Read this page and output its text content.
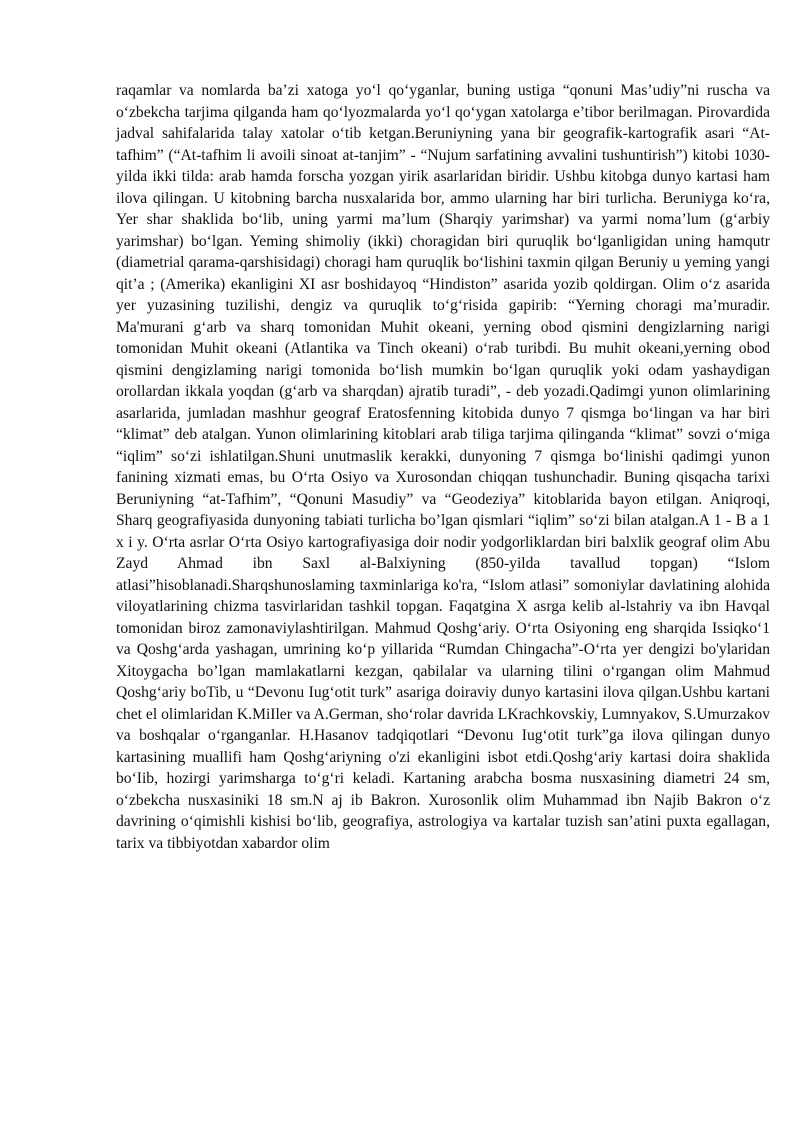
raqamlar va nomlarda ba’zi xatoga yo‘l qo‘yganlar, buning ustiga “qonuni Mas’udiy”ni ruscha va o‘zbekcha tarjima qilganda ham qo‘lyozmalarda yo‘l qo‘ygan xatolarga e’tibor berilmagan. Pirovardida jadval sahifalarida talay xatolar o‘tib ketgan.Beruniyning yana bir geografik-kartografik asari “At-tafhim” (“At-tafhim li avoili sinoat at-tanjim” - “Nujum sarfatining avvalini tushuntirish”) kitobi 1030-yilda ikki tilda: arab hamda forscha yozgan yirik asarlaridan biridir. Ushbu kitobga dunyo kartasi ham ilova qilingan. U kitobning barcha nusxalarida bor, ammo ularning har biri turlicha. Beruniyga ko‘ra, Yer shar shaklida bo‘lib, uning yarmi ma’lum (Sharqiy yarimshar) va yarmi noma’lum (g‘arbiy yarimshar) bo‘lgan. Yeming shimoliy (ikki) choragidan biri quruqlik bo‘lganligidan uning hamqutr (diametrial qarama-qarshisidagi) choragi ham quruqlik bo‘lishini taxmin qilgan Beruniy u yeming yangi qit’a ; (Amerika) ekanligini XI asr boshidayoq “Hindiston” asarida yozib qoldirgan. Olim o‘z asarida yer yuzasining tuzilishi, dengiz va quruqlik to‘g‘risida gapirib: “Yerning choragi ma’muradir. Ma'murani g‘arb va sharq tomonidan Muhit okeani, yerning obod qismini dengizlarning narigi tomonidan Muhit okeani (Atlantika va Tinch okeani) o‘rab turibdi. Bu muhit okeani,yerning obod qismini dengizlaming narigi tomonida bo‘lish mumkin bo‘lgan quruqlik yoki odam yashaydigan orollardan ikkala yoqdan (g‘arb va sharqdan) ajratib turadi”, - deb yozadi.Qadimgi yunon olimlarining asarlarida, jumladan mashhur geograf Eratosfenning kitobida dunyo 7 qismga bo‘lingan va har biri “klimat” deb atalgan. Yunon olimlarining kitoblari arab tiliga tarjima qilinganda “klimat” sovzi o‘miga “iqlim” so‘zi ishlatilgan.Shuni unutmaslik kerakki, dunyoning 7 qismga bo‘linishi qadimgi yunon fanining xizmati emas, bu O‘rta Osiyo va Xurosondan chiqqan tushunchadir. Buning qisqacha tarixi Beruniyning “at-Tafhim”, “Qonuni Masudiy” va “Geodeziya” kitoblarida bayon etilgan. Aniqroqi, Sharq geografiyasida dunyoning tabiati turlicha bo’lgan qismlari “iqlim” so‘zi bilan atalgan.A 1 - B a 1 x i y. O‘rta asrlar O‘rta Osiyo kartografiyasiga doir nodir yodgorliklardan biri balxlik geograf olim Abu Zayd Ahmad ibn Saxl al-Balxiyning (850-yilda tavallud topgan) “Islom atlasi”hisoblanadi.Sharqshunoslaming taxminlariga ko'ra, “Islom atlasi” somoniylar davlatining alohida viloyatlarining chizma tasvirlaridan tashkil topgan. Faqatgina X asrga kelib al-lstahriy va ibn Havqal tomonidan biroz zamonaviylashtirilgan. Mahmud Qoshg‘ariy. O‘rta Osiyoning eng sharqida Issiqko‘1 va Qoshg‘arda yashagan, umrining ko‘p yillarida “Rumdan Chingacha”-O‘rta yer dengizi bo'ylaridan Xitoygacha bo’lgan mamlakatlarni kezgan, qabilalar va ularning tilini o‘rgangan olim Mahmud Qoshg‘ariy boTib, u “Devonu Iug‘otit turk” asariga doiraviy dunyo kartasini ilova qilgan.Ushbu kartani chet el olimlaridan K.MiIler va A.German, sho‘rolar davrida LKrachkovskiy, Lumnyakov, S.Umurzakov va boshqalar o‘rganganlar. H.Hasanov tadqiqotlari “Devonu Iug‘otit turk”ga ilova qilingan dunyo kartasining muallifi ham Qoshg‘ariyning o'zi ekanligini isbot etdi.Qoshg‘ariy kartasi doira shaklida bo‘Iib, hozirgi yarimsharga to‘g‘ri keladi. Kartaning arabcha bosma nusxasining diametri 24 sm, o‘zbekcha nusxasiniki 18 sm.N aj ib Bakron. Xurosonlik olim Muhammad ibn Najib Bakron o‘z davrining o‘qimishli kishisi bo‘lib, geografiya, astrologiya va kartalar tuzish san’atini puxta egallagan, tarix va tibbiyotdan xabardor olim
